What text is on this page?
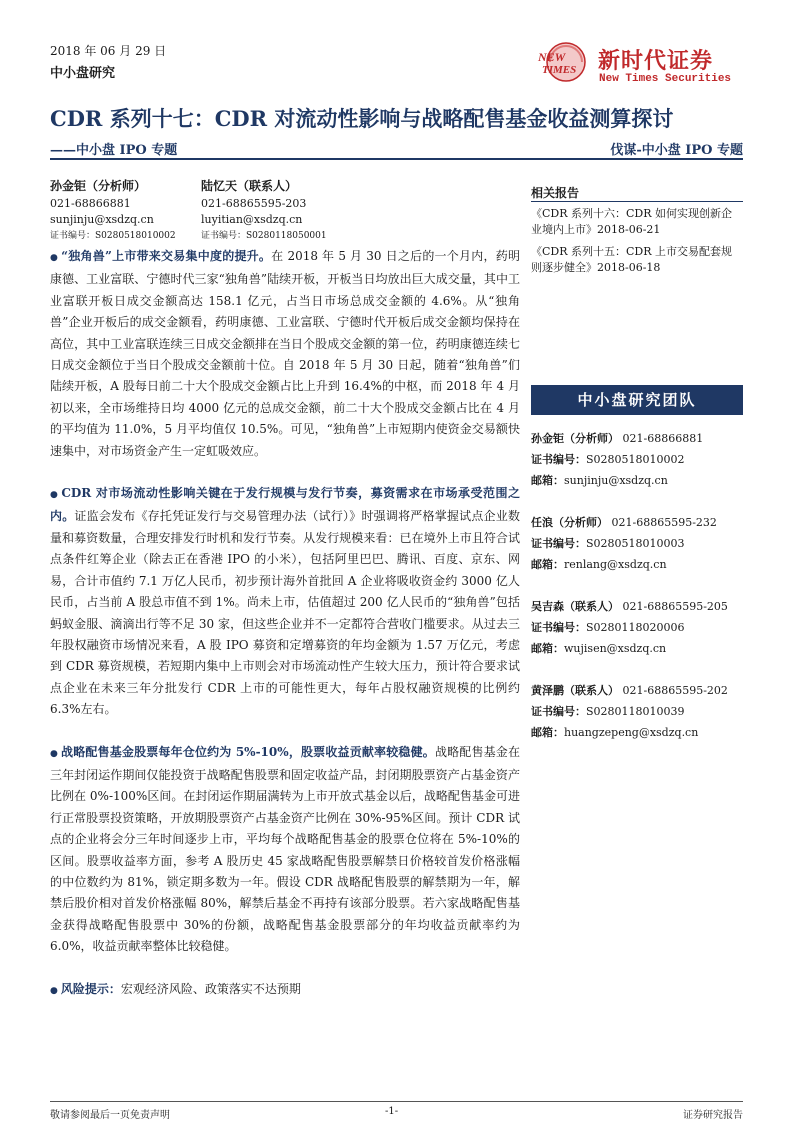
2018 年 06 月 29 日
中小盘研究
NEW
TIMES 新时代证券
New Times Securities
CDR 系列十七：CDR 对流动性影响与战略配售基金收益测算探讨
——中小盘 IPO 专题	伐谋-中小盘 IPO 专题
孙金钜（分析师）
021-68866881
sunjinju@xsdzq.cn
证书编号：S0280518010002
陆忆天（联系人）
021-68865595-203
luyitian@xsdzq.cn
证书编号：S0280118050001

● “独角兽”上市带来交易集中度的提升。在 2018 年 5 月 30 日之后的一个月内，药明康德、工业富联、宁德时代三家“独角兽”陆续开板，开板当日均放出巨大成交量，其中工业富联开板日成交金额高达 158.1 亿元，占当日市场总成交金额的 4.6%。从“独角兽”企业开板后的成交金额看，药明康德、工业富联、宁德时代开板后成交金额均保持在高位，其中工业富联连续三日成交金额排在当日个股成交金额的第一位，药明康德连续七日成交金额位于当日个股成交金额前十位。自 2018 年 5 月 30 日起，随着“独角兽”们陆续开板，A 股每日前二十大个股成交金额占比上升到 16.4%的中枢，而 2018 年 4 月初以来，全市场维持日均 4000 亿元的总成交金额，前二十大个股成交金额占比在 4 月的平均值为 11.0%，5 月平均值仅 10.5%。可见，“独角兽”上市短期内使资金交易额快速集中，对市场资金产生一定虹吸效应。

● CDR 对市场流动性影响关键在于发行规模与发行节奏，募资需求在市场承受范围之内。证监会发布《存托凭证发行与交易管理办法（试行）》时强调将严格掌握试点企业数量和募资数量，合理安排发行时机和发行节奏。从发行规模来看：已在境外上市且符合试点条件红筹企业（除去正在香港 IPO 的小米），包括阿里巴巴、腾讯、百度、京东、网易，合计市值约 7.1 万亿人民币，初步预计海外首批回 A 企业将吸收资金约 3000 亿人民币，占当前 A 股总市值不到 1%。尚未上市，估值超过 200 亿人民币的“独角兽”包括蚂蚁金服、滴滴出行等不足 30 家，但这些企业并不一定都符合营收门槛要求。从过去三年股权融资市场情况来看，A 股 IPO 募资和定增募资的年均金额为 1.57 万亿元，考虑到 CDR 募资规模，若短期内集中上市则会对市场流动性产生较大压力，预计符合要求试点企业在未来三年分批发行 CDR 上市的可能性更大，每年占股权融资规模的比例约 6.3%左右。

● 战略配售基金股票每年仓位约为 5%-10%，股票收益贡献率较稳健。战略配售基金在三年封闭运作期间仅能投资于战略配售股票和固定收益产品，封闭期股票资产占基金资产比例在 0%-100%区间。在封闭运作期届满转为上市开放式基金以后，战略配售基金可进行正常股票投资策略，开放期股票资产占基金资产比例在 30%-95%区间。预计 CDR 试点的企业将会分三年时间逐步上市，平均每个战略配售基金的股票仓位将在 5%-10%的区间。股票收益率方面，参考 A 股历史 45 家战略配售股票解禁日价格较首发价格涨幅的中位数约为 81%，锁定期多数为一年。假设 CDR 战略配售股票的解禁期为一年，解禁后股价相对首发价格涨幅 80%，解禁后基金不再持有该部分股票。若六家战略配售基金获得战略配售股票中 30%的份额，战略配售基金股票部分的年均收益贡献率约为 6.0%，收益贡献率整体比较稳健。

● 风险提示：宏观经济风险、政策落实不达预期

相关报告

《CDR 系列十六：CDR 如何实现创新企业境内上市》2018-06-21

《CDR 系列十五：CDR 上市交易配套规则逐步健全》2018-06-18

中小盘研究团队
孙金钜（分析师） 021-68866881
证书编号：S0280518010002
邮箱：sunjinju@xsdzq.cn
任浪（分析师） 021-68865595-232
证书编号：S0280518010003
邮箱：renlang@xsdzq.cn
吴吉森（联系人） 021-68865595-205
证书编号：S0280118020006
邮箱：wujisen@xsdzq.cn
黄泽鹏（联系人） 021-68865595-202
证书编号：S0280118010039
邮箱：huangzepeng@xsdzq.cn
敬请参阅最后一页免责声明	-1-	证券研究报告
